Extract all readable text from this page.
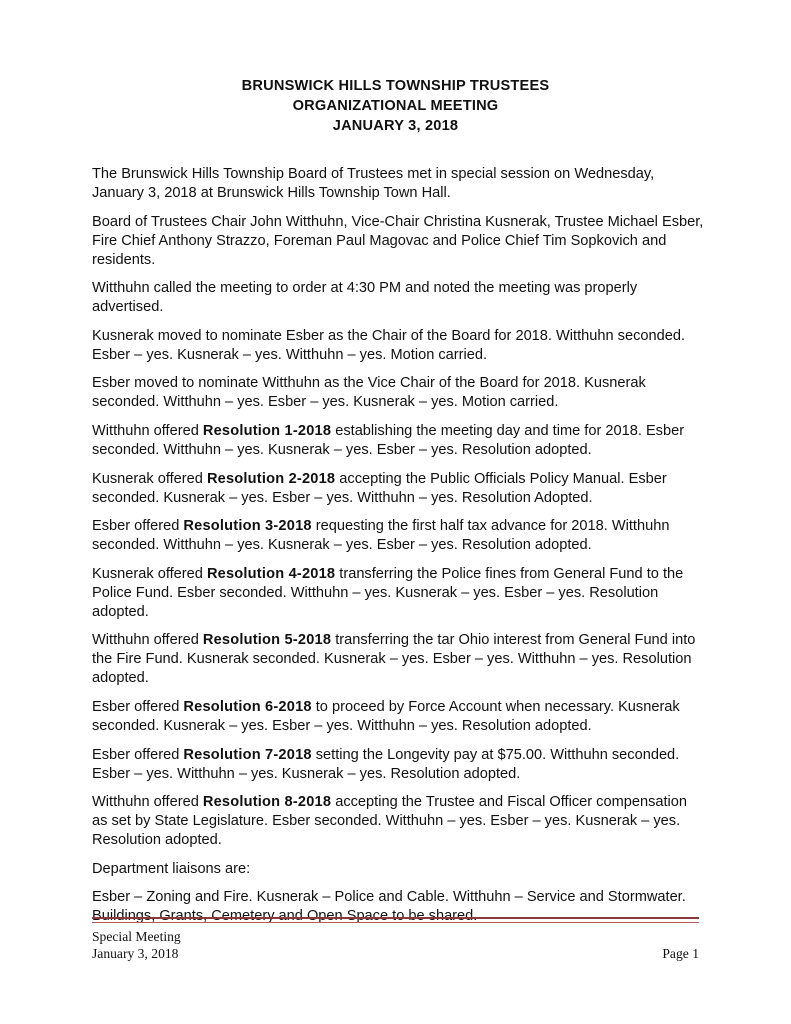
BRUNSWICK HILLS TOWNSHIP TRUSTEES
ORGANIZATIONAL MEETING
JANUARY 3, 2018

The Brunswick Hills Township Board of Trustees met in special session on Wednesday, January 3, 2018 at Brunswick Hills Township Town Hall.

Board of Trustees Chair John Witthuhn, Vice-Chair Christina Kusnerak, Trustee Michael Esber, Fire Chief Anthony Strazzo, Foreman Paul Magovac and Police Chief Tim Sopkovich and residents.

Witthuhn called the meeting to order at 4:30 PM and noted the meeting was properly advertised.

Kusnerak moved to nominate Esber as the Chair of the Board for 2018. Witthuhn seconded. Esber – yes. Kusnerak – yes. Witthuhn – yes. Motion carried.

Esber moved to nominate Witthuhn as the Vice Chair of the Board for 2018. Kusnerak seconded. Witthuhn – yes. Esber – yes. Kusnerak – yes. Motion carried.

Witthuhn offered Resolution 1-2018 establishing the meeting day and time for 2018. Esber seconded. Witthuhn – yes. Kusnerak – yes. Esber – yes. Resolution adopted.

Kusnerak offered Resolution 2-2018 accepting the Public Officials Policy Manual. Esber seconded. Kusnerak – yes. Esber – yes. Witthuhn – yes. Resolution Adopted.

Esber offered Resolution 3-2018 requesting the first half tax advance for 2018. Witthuhn seconded. Witthuhn – yes. Kusnerak – yes. Esber – yes. Resolution adopted.

Kusnerak offered Resolution 4-2018 transferring the Police fines from General Fund to the Police Fund. Esber seconded. Witthuhn – yes. Kusnerak – yes. Esber – yes. Resolution adopted.

Witthuhn offered Resolution 5-2018 transferring the tar Ohio interest from General Fund into the Fire Fund. Kusnerak seconded. Kusnerak – yes. Esber – yes. Witthuhn – yes. Resolution adopted.

Esber offered Resolution 6-2018 to proceed by Force Account when necessary. Kusnerak seconded. Kusnerak – yes. Esber – yes. Witthuhn – yes. Resolution adopted.

Esber offered Resolution 7-2018 setting the Longevity pay at $75.00. Witthuhn seconded. Esber – yes. Witthuhn – yes. Kusnerak – yes. Resolution adopted.

Witthuhn offered Resolution 8-2018 accepting the Trustee and Fiscal Officer compensation as set by State Legislature. Esber seconded. Witthuhn – yes. Esber – yes. Kusnerak – yes. Resolution adopted.

Department liaisons are:

Esber – Zoning and Fire. Kusnerak – Police and Cable. Witthuhn – Service and Stormwater.

Special Meeting
January 3, 2018	Page 1
